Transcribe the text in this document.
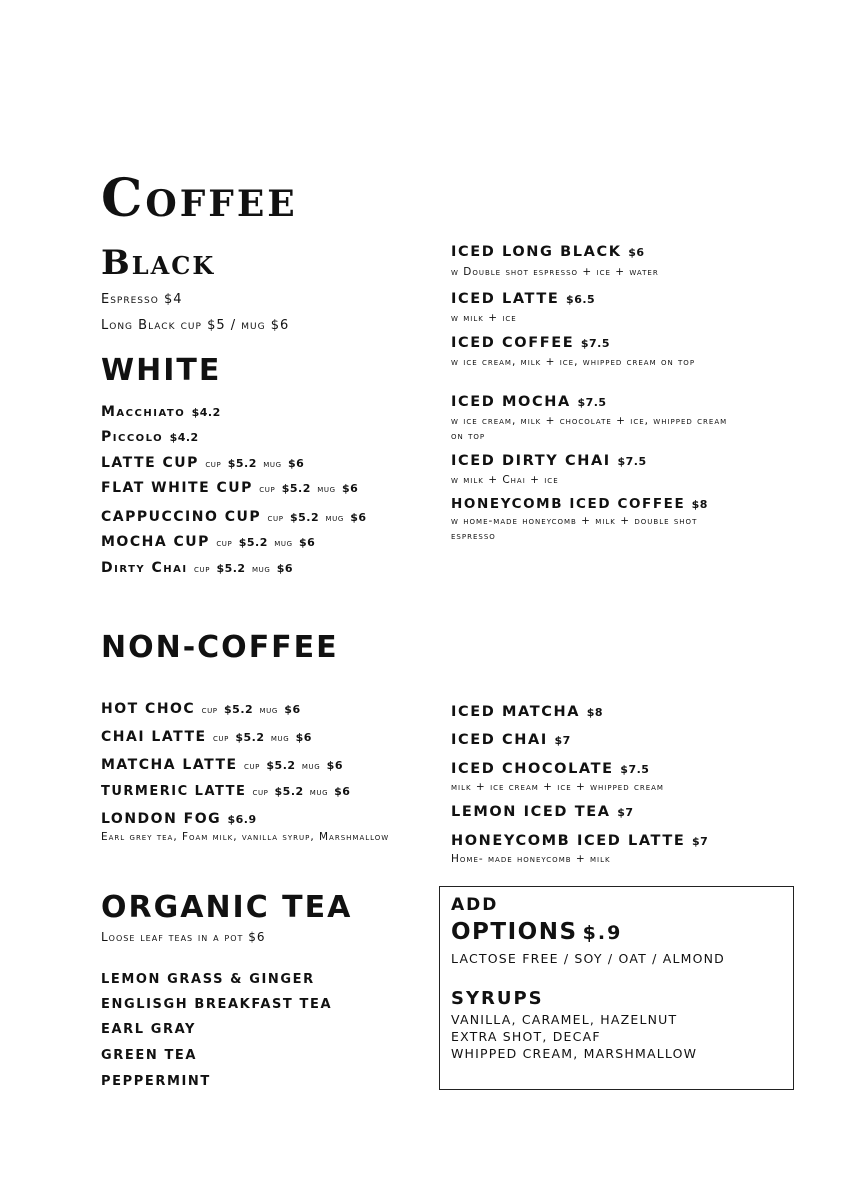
Coffee
Black
Espresso $4
Long Black cup $5 / mug $6
WHITE
Macchiato $4.2
Piccolo $4.2
LATTE CUP cup $5.2 mug $6
FLAT WHITE CUP cup $5.2 mug $6
CAPPUCCINO CUP cup $5.2 mug $6
MOCHA CUP cup $5.2 mug $6
Dirty Chai cup $5.2 mug $6
ICED LONG BLACK $6
w Double shot espresso + ice + water
ICED LATTE $6.5
w milk + ice
ICED COFFEE $7.5
w ice cream, milk + ice, whipped cream on top
ICED MOCHA $7.5
w ice cream, milk + chocolate + ice, whipped cream on top
ICED DIRTY CHAI $7.5
w milk + Chai + ice
HONEYCOMB ICED COFFEE $8
w home-made honeycomb + milk + double shot espresso
NON-COFFEE
HOT CHOC cup $5.2 mug $6
CHAI LATTE cup $5.2 mug $6
MATCHA LATTE cup $5.2 mug $6
TURMERIC LATTE cup $5.2 mug $6
LONDON FOG $6.9
Earl grey tea, Foam milk, vanilla syrup, Marshmallow
ICED MATCHA $8
ICED CHAI $7
ICED CHOCOLATE $7.5
milk + ice cream + ice + whipped cream
LEMON ICED TEA $7
HONEYCOMB ICED LATTE $7
Home- made honeycomb + milk
ORGANIC TEA
Loose leaf teas in a pot $6
LEMON GRASS & GINGER
ENGLISGH BREAKFAST TEA
EARL GRAY
GREEN TEA
PEPPERMINT
ADD
OPTIONS $.9
LACTOSE FREE / SOY / OAT / ALMOND
SYRUPS
VANILLA, CARAMEL, HAZELNUT
EXTRA SHOT, DECAF
WHIPPED CREAM, MARSHMALLOW
